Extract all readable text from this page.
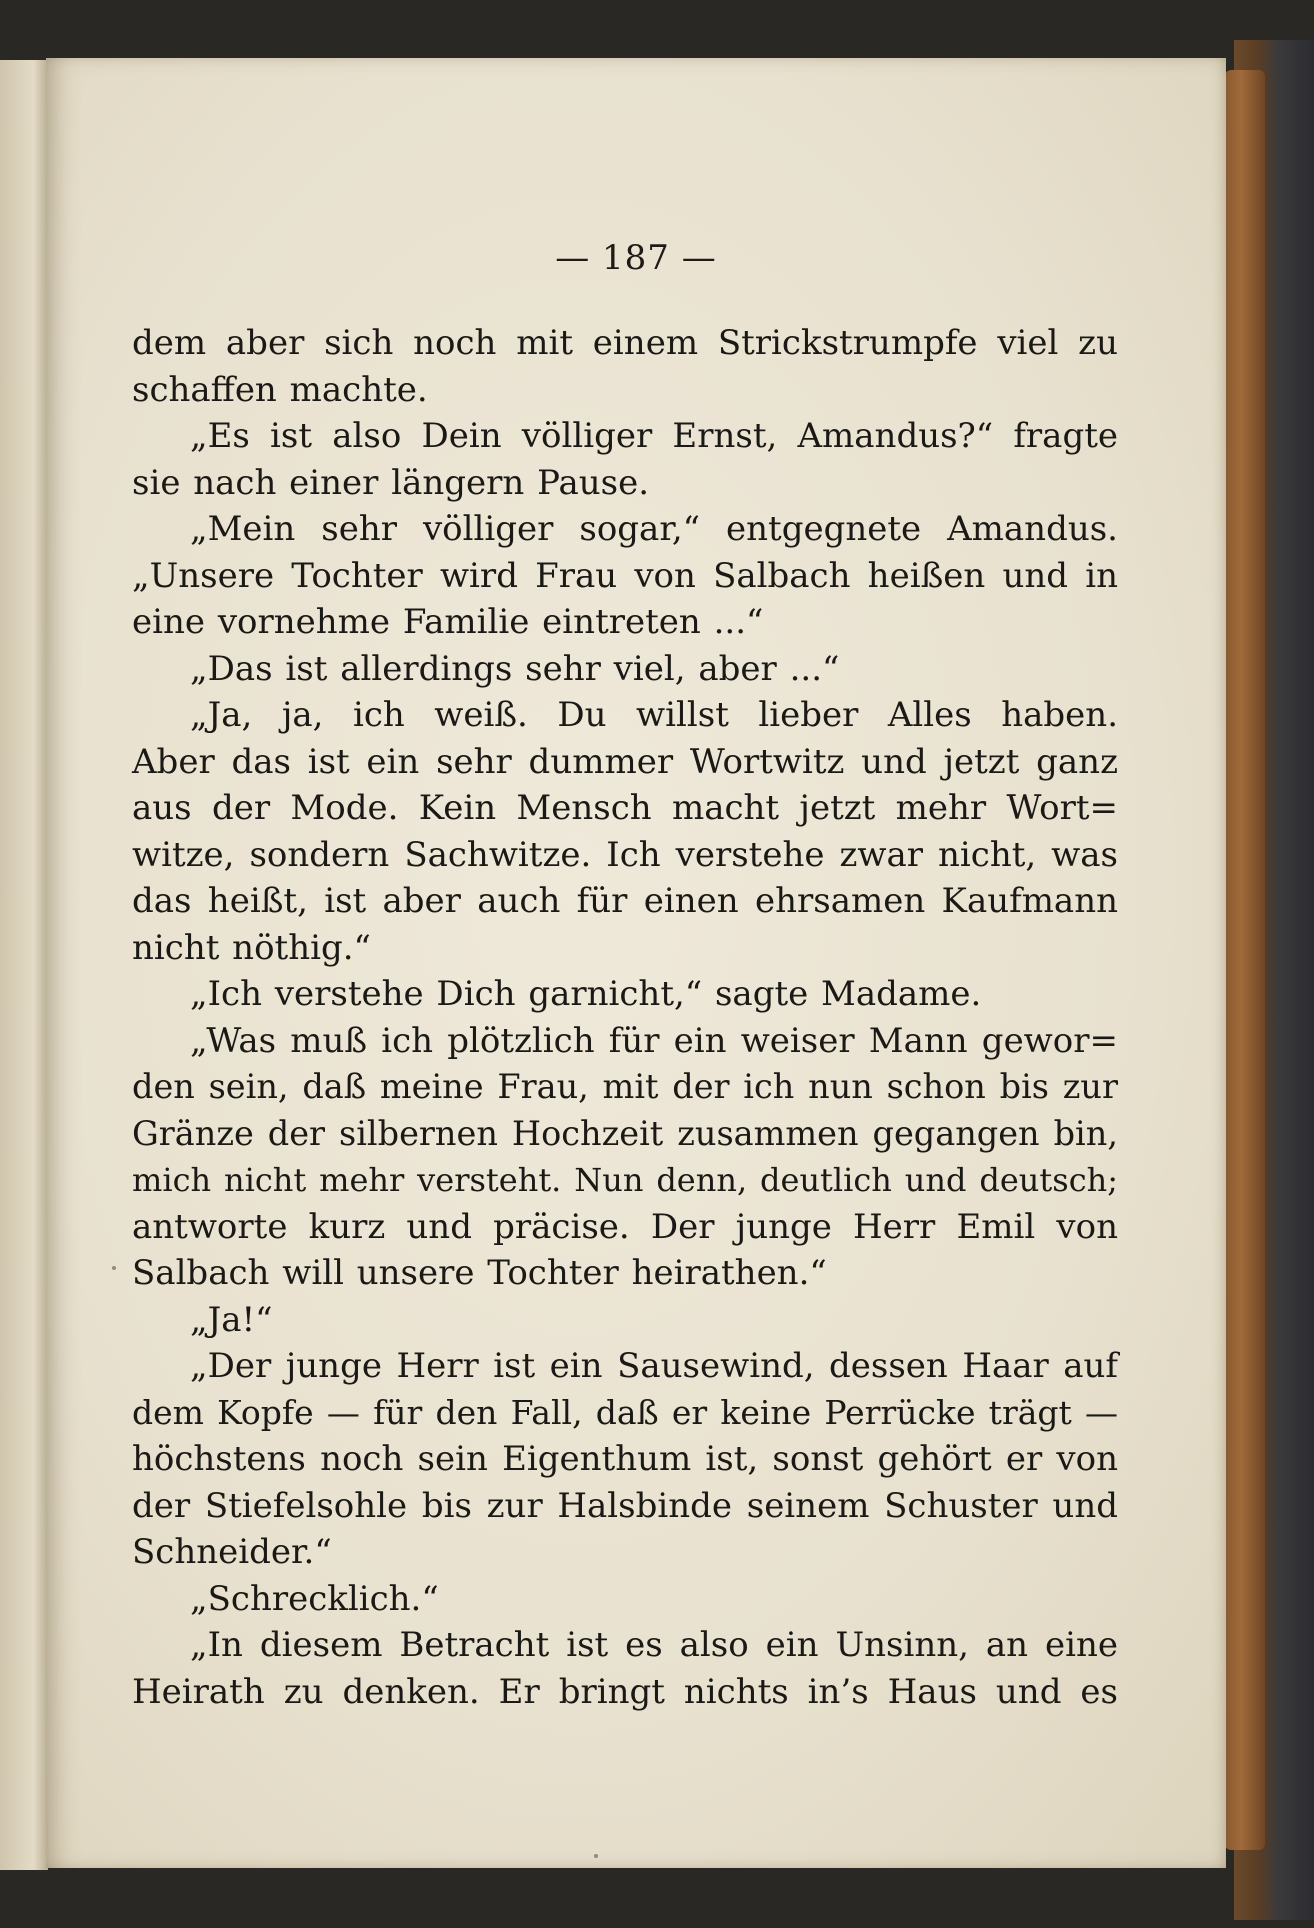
— 187 —
dem aber sich noch mit einem Strickstrumpfe viel zu
schaffen machte.
„Es ist also Dein völliger Ernst, Amandus?“ fragte
sie nach einer längern Pause.
„Mein sehr völliger sogar,“ entgegnete Amandus.
„Unsere Tochter wird Frau von Salbach heißen und in
eine vornehme Familie eintreten ...“
„Das ist allerdings sehr viel, aber ...“
„Ja, ja, ich weiß. Du willst lieber Alles haben.
Aber das ist ein sehr dummer Wortwitz und jetzt ganz
aus der Mode. Kein Mensch macht jetzt mehr Wort=
witze, sondern Sachwitze. Ich verstehe zwar nicht, was
das heißt, ist aber auch für einen ehrsamen Kaufmann
nicht nöthig.“
„Ich verstehe Dich garnicht,“ sagte Madame.
„Was muß ich plötzlich für ein weiser Mann gewor=
den sein, daß meine Frau, mit der ich nun schon bis zur
Gränze der silbernen Hochzeit zusammen gegangen bin,
mich nicht mehr versteht. Nun denn, deutlich und deutsch;
antworte kurz und präcise. Der junge Herr Emil von
Salbach will unsere Tochter heirathen.“
„Ja!“
„Der junge Herr ist ein Sausewind, dessen Haar auf
dem Kopfe — für den Fall, daß er keine Perrücke trägt —
höchstens noch sein Eigenthum ist, sonst gehört er von
der Stiefelsohle bis zur Halsbinde seinem Schuster und
Schneider.“
„Schrecklich.“
„In diesem Betracht ist es also ein Unsinn, an eine
Heirath zu denken. Er bringt nichts in’s Haus und es
